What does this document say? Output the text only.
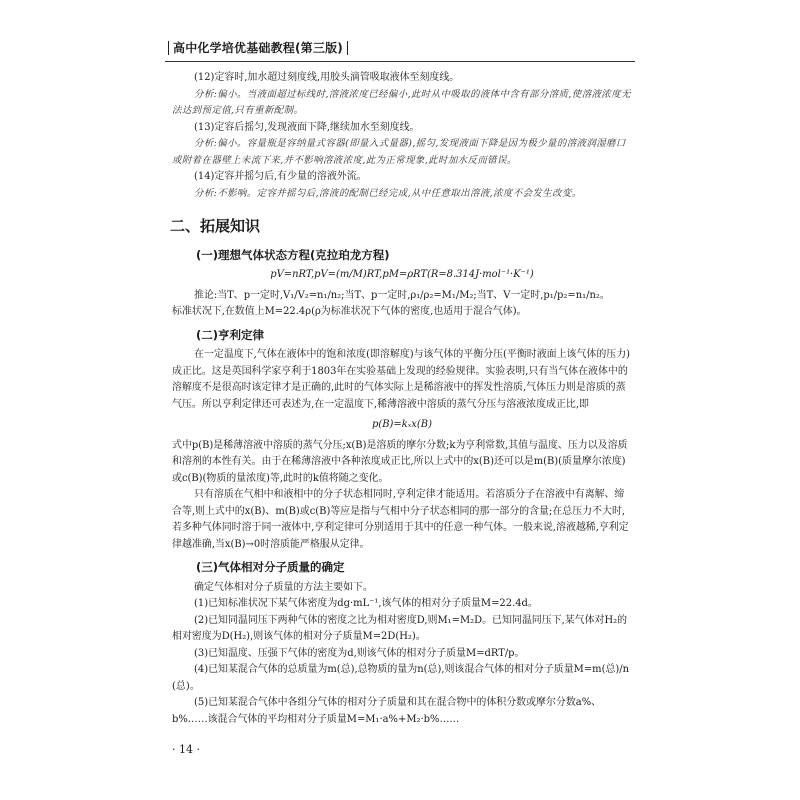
高中化学培优基础教程(第三版)

(12)定容时,加水超过刻度线,用胶头滴管吸取液体至刻度线。

分析:偏小。当液面超过标线时,溶液浓度已经偏小,此时从中吸取的液体中含有部分溶质,使溶液浓度无法达到预定值,只有重新配制。

(13)定容后摇匀,发现液面下降,继续加水至刻度线。

分析:偏小。容量瓶是容纳量式容器(即量入式量器),摇匀,发现液面下降是因为极少量的溶液润湿磨口或附着在器壁上未流下来,并不影响溶液浓度,此为正常现象,此时加水反而错误。

(14)定容并摇匀后,有少量的溶液外流。

分析:不影响。定容并摇匀后,溶液的配制已经完成,从中任意取出溶液,浓度不会发生改变。

二、拓展知识
(一)理想气体状态方程(克拉珀龙方程)
pV=nRT,pV=(m/M)RT,pM=ρRT(R=8.314J·mol⁻¹·K⁻¹)

推论:当T、p一定时,V₁/V₂=n₁/n₂;当T、p一定时,ρ₁/ρ₂=M₁/M₂;当T、V一定时,p₁/p₂=n₁/n₂。

标准状况下,在数值上M=22.4ρ(ρ为标准状况下气体的密度,也适用于混合气体)。

(二)亨利定律

在一定温度下,气体在液体中的饱和浓度(即溶解度)与该气体的平衡分压(平衡时液面上该气体的压力)成正比。这是英国科学家亨利于1803年在实验基础上发现的经验规律。实验表明,只有当气体在液体中的溶解度不是很高时该定律才是正确的,此时的气体实际上是稀溶液中的挥发性溶质,气体压力则是溶质的蒸气压。所以亨利定律还可表述为,在一定温度下,稀薄溶液中溶质的蒸气分压与溶液浓度成正比,即

p(B)=kₓx(B)

式中p(B)是稀薄溶液中溶质的蒸气分压;x(B)是溶质的摩尔分数;k为亨利常数,其值与温度、压力以及溶质和溶剂的本性有关。由于在稀薄溶液中各种浓度成正比,所以上式中的x(B)还可以是m(B)(质量摩尔浓度)或c(B)(物质的量浓度)等,此时的k值将随之变化。

只有溶质在气相中和液相中的分子状态相同时,亨利定律才能适用。若溶质分子在溶液中有离解、缔合等,则上式中的x(B)、m(B)或c(B)等应是指与气相中分子状态相同的那一部分的含量;在总压力不大时,若多种气体同时溶于同一液体中,亨利定律可分别适用于其中的任意一种气体。一般来说,溶液越稀,亨利定律越准确,当x(B)→0时溶质能严格服从定律。

(三)气体相对分子质量的确定

确定气体相对分子质量的方法主要如下。

(1)已知标准状况下某气体密度为dg·mL⁻¹,该气体的相对分子质量M=22.4d。

(2)已知同温同压下两种气体的密度之比为相对密度D,则M₁=M₂D。已知同温同压下,某气体对H₂的相对密度为D(H₂),则该气体的相对分子质量M=2D(H₂)。

(3)已知温度、压强下气体的密度为d,则该气体的相对分子质量M=dRT/p。

(4)已知某混合气体的总质量为m(总),总物质的量为n(总),则该混合气体的相对分子质量M=m(总)/n(总)。

(5)已知某混合气体中各组分气体的相对分子质量和其在混合物中的体积分数或摩尔分数a%、b%……该混合气体的平均相对分子质量M=M₁·a%+M₂·b%……

· 14 ·
